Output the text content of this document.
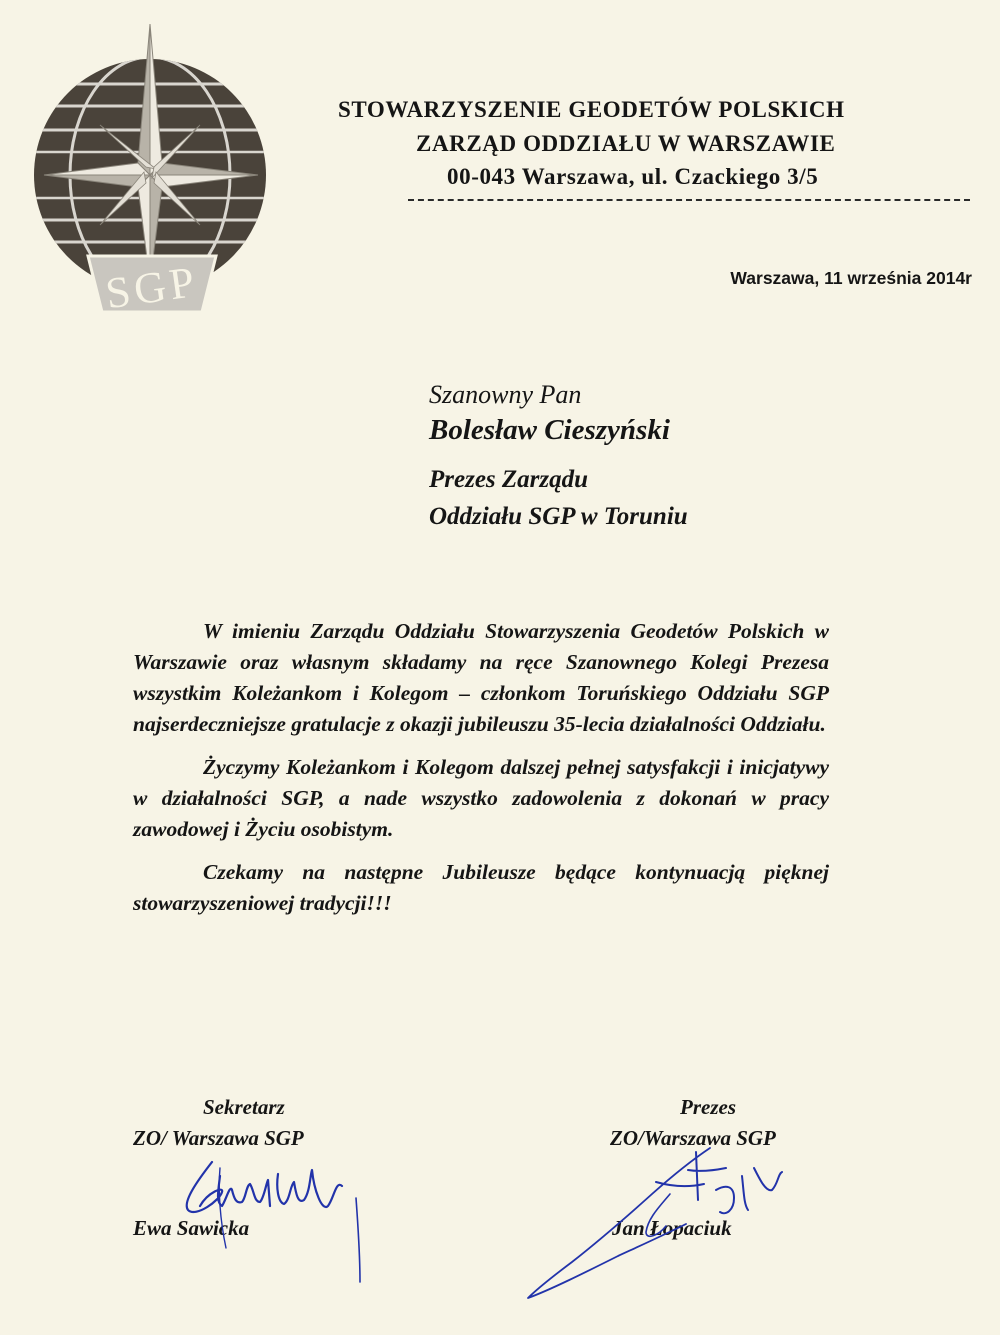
SGP
STOWARZYSZENIE GEODETÓW POLSKICH
ZARZĄD ODDZIAŁU W WARSZAWIE
00-043 Warszawa, ul. Czackiego 3/5
Warszawa, 11 września 2014r
Szanowny Pan
Bolesław Cieszyński
Prezes Zarządu
Oddziału SGP w Toruniu

W imieniu Zarządu Oddziału Stowarzyszenia Geodetów Polskich w Warszawie oraz własnym składamy na ręce Szanownego Kolegi Prezesa wszystkim Koleżankom i Kolegom – członkom Toruńskiego Oddziału SGP najserdeczniejsze gratulacje z okazji jubileuszu 35-lecia działalności Oddziału.

Życzymy Koleżankom i Kolegom dalszej pełnej satysfakcji i inicjatywy w działalności SGP, a nade wszystko zadowolenia z dokonań w pracy zawodowej i Życiu osobistym.

Czekamy na następne Jubileusze będące kontynuacją pięknej stowarzyszeniowej tradycji!!!

Sekretarz
ZO/ Warszawa SGP
Ewa Sawicka
Prezes
ZO/Warszawa SGP
Jan Łopaciuk
